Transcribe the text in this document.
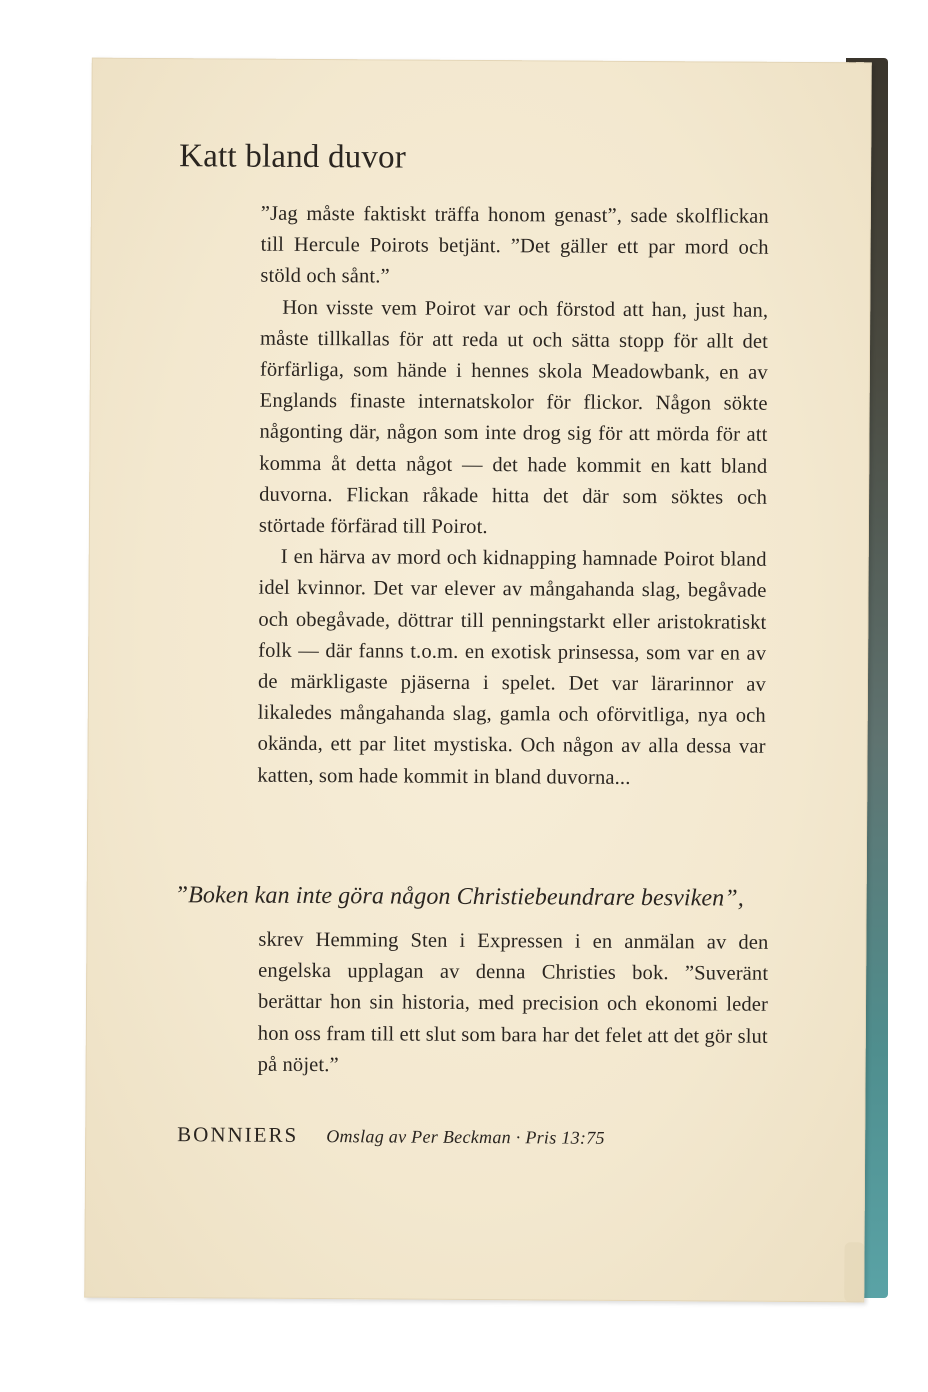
Katt bland duvor

”Jag måste faktiskt träffa honom genast”, sade skolflickan till Hercule Poirots betjänt. ”Det gäller ett par mord och stöld och sånt.”

Hon visste vem Poirot var och förstod att han, just han, måste tillkallas för att reda ut och sätta stopp för allt det förfärliga, som hände i hennes skola Meadowbank, en av Englands finaste internatskolor för flickor. Någon sökte någonting där, någon som inte drog sig för att mörda för att komma åt detta något — det hade kommit en katt bland duvorna. Flickan råkade hitta det där som söktes och störtade förfärad till Poirot.

I en härva av mord och kidnapping hamnade Poirot bland idel kvinnor. Det var elever av mångahanda slag, begåvade och obegåvade, döttrar till penningstarkt eller aristokratiskt folk — där fanns t.o.m. en exotisk prinsessa, som var en av de märkligaste pjäserna i spelet. Det var lärarinnor av likaledes mångahanda slag, gamla och oförvitliga, nya och okända, ett par litet mystiska. Och någon av alla dessa var katten, som hade kommit in bland duvorna...

”Boken kan inte göra någon Christiebeundrare besviken”,

skrev Hemming Sten i Expressen i en anmälan av den engelska upplagan av denna Christies bok. ”Suveränt berättar hon sin historia, med precision och ekonomi leder hon oss fram till ett slut som bara har det felet att det gör slut på nöjet.”

BONNIERS Omslag av Per Beckman · Pris 13:75
